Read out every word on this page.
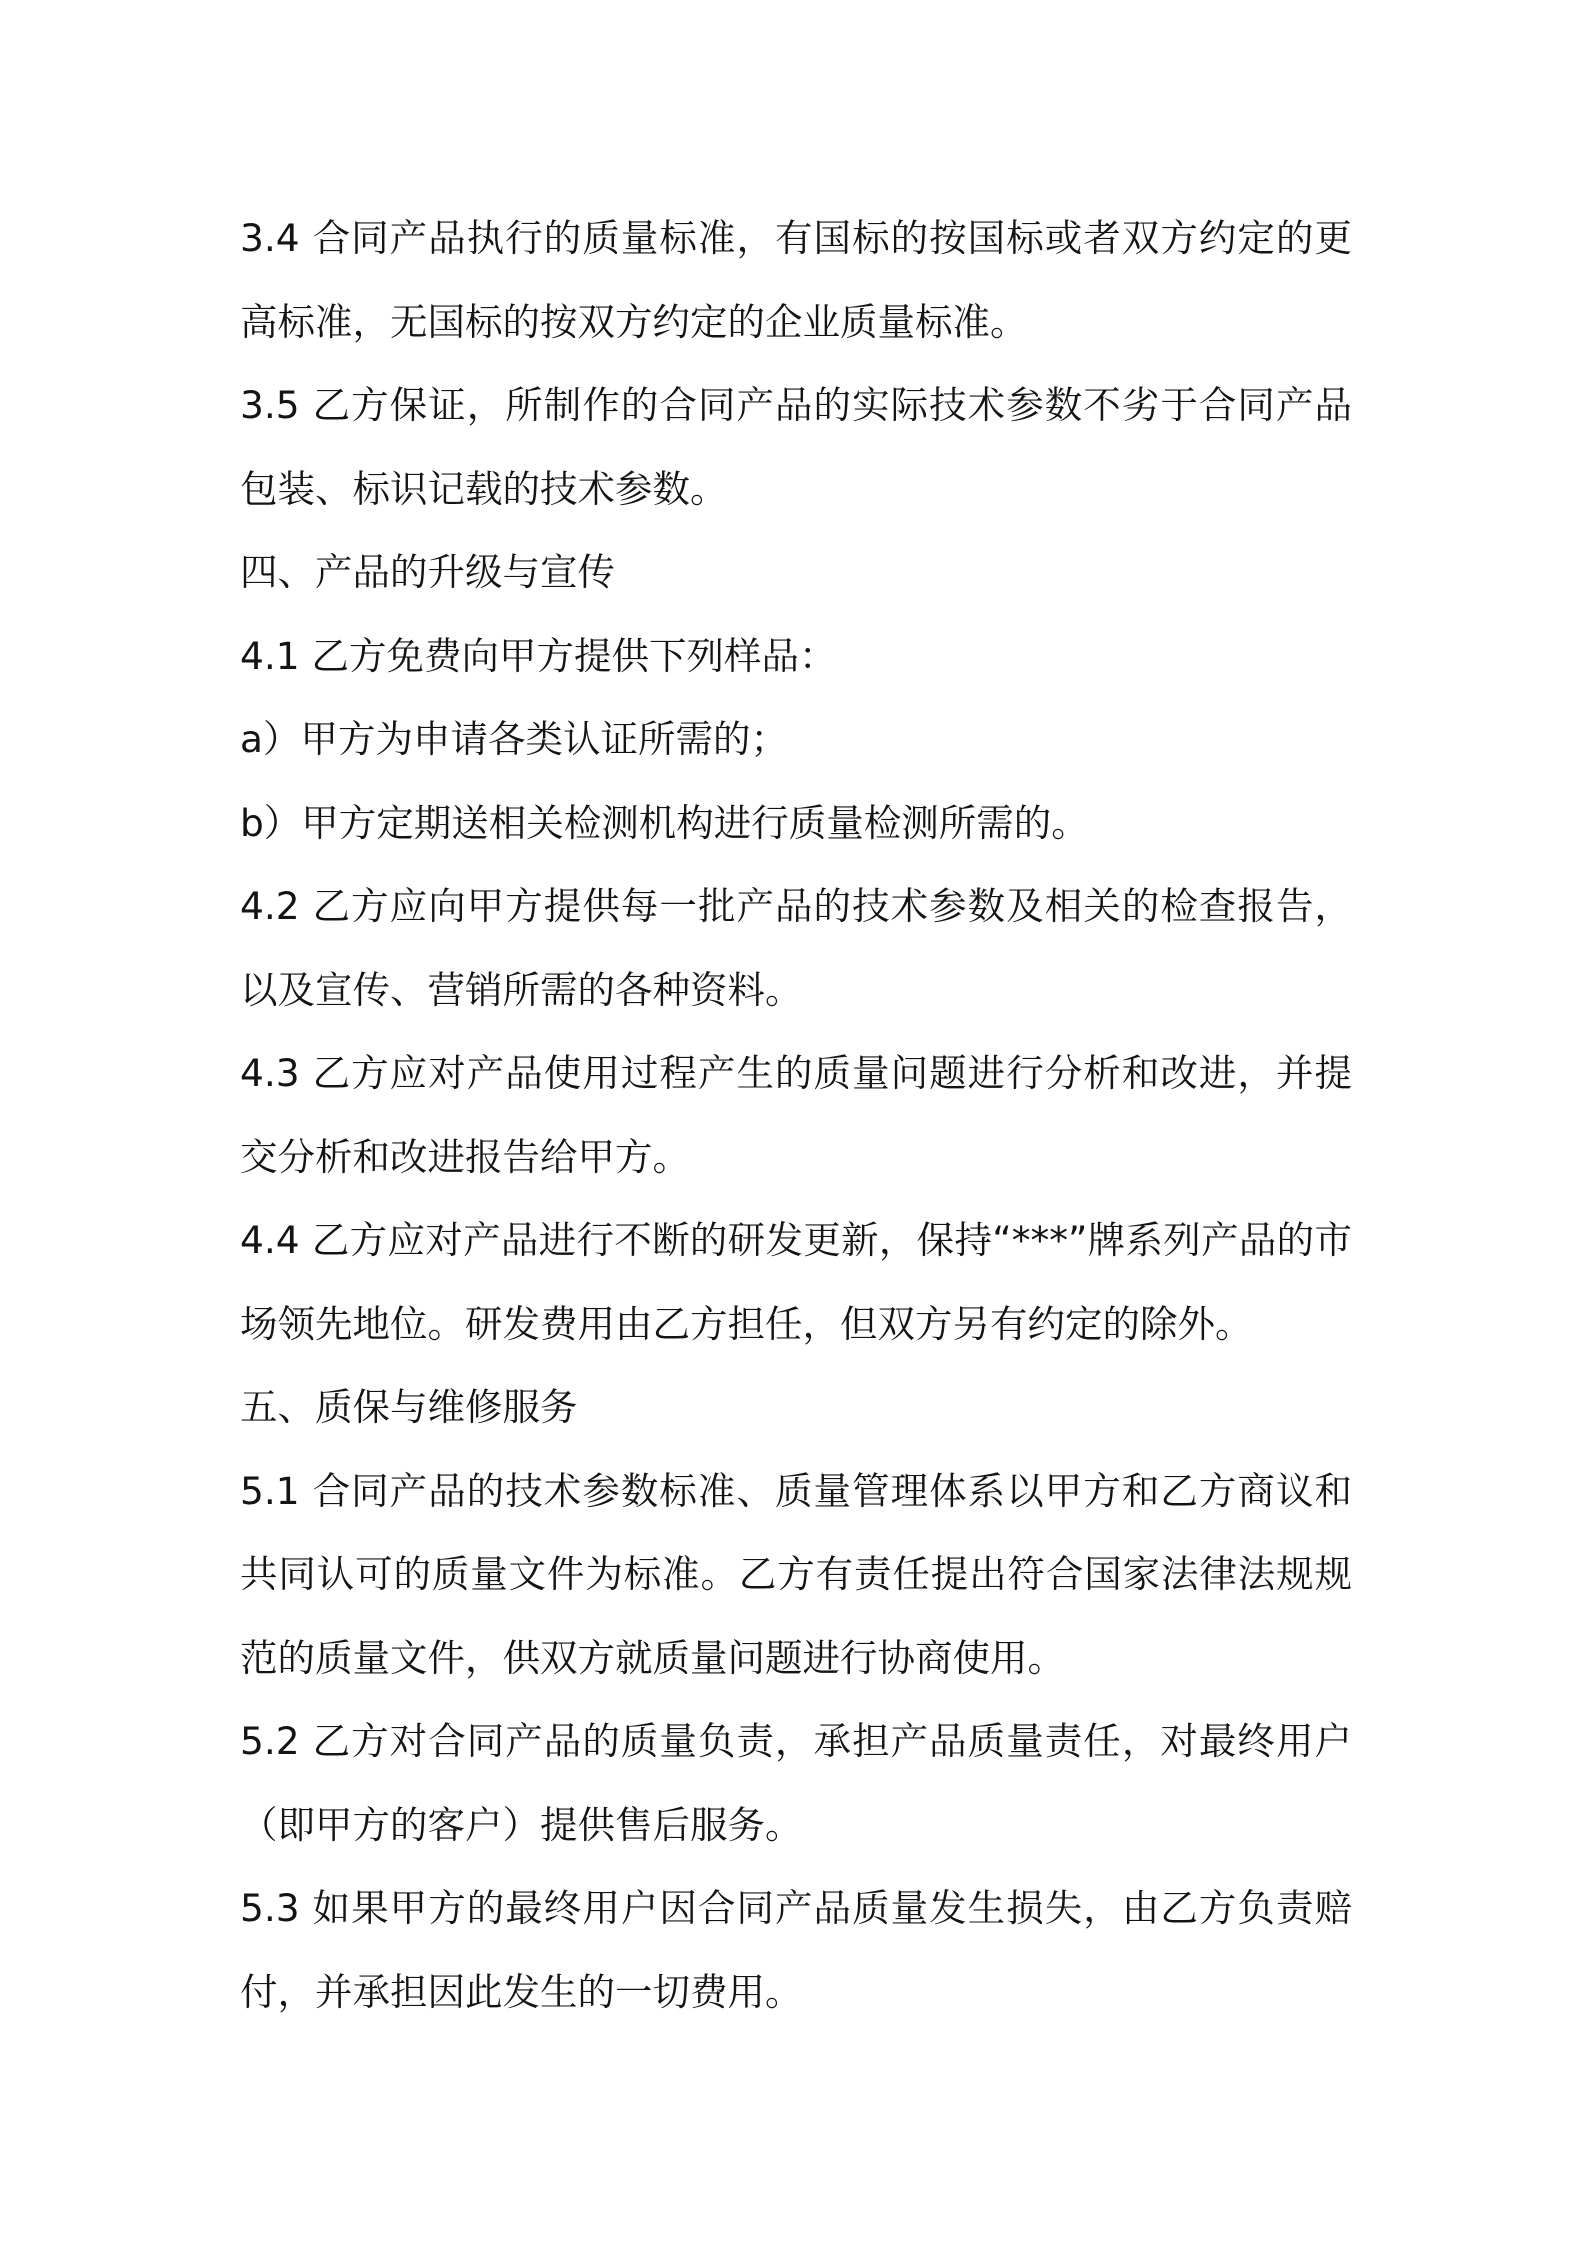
3.4 合同产品执行的质量标准，有国标的按国标或者双方约定的更高标准，无国标的按双方约定的企业质量标准。

3.5 乙方保证，所制作的合同产品的实际技术参数不劣于合同产品包装、标识记载的技术参数。

四、产品的升级与宣传

4.1 乙方免费向甲方提供下列样品：

a）甲方为申请各类认证所需的；

b）甲方定期送相关检测机构进行质量检测所需的。

4.2 乙方应向甲方提供每一批产品的技术参数及相关的检查报告，以及宣传、营销所需的各种资料。

4.3 乙方应对产品使用过程产生的质量问题进行分析和改进，并提交分析和改进报告给甲方。

4.4 乙方应对产品进行不断的研发更新，保持“***”牌系列产品的市场领先地位。研发费用由乙方担任，但双方另有约定的除外。

五、质保与维修服务

5.1 合同产品的技术参数标准、质量管理体系以甲方和乙方商议和共同认可的质量文件为标准。乙方有责任提出符合国家法律法规规范的质量文件，供双方就质量问题进行协商使用。

5.2 乙方对合同产品的质量负责，承担产品质量责任，对最终用户（即甲方的客户）提供售后服务。

5.3 如果甲方的最终用户因合同产品质量发生损失，由乙方负责赔付，并承担因此发生的一切费用。
